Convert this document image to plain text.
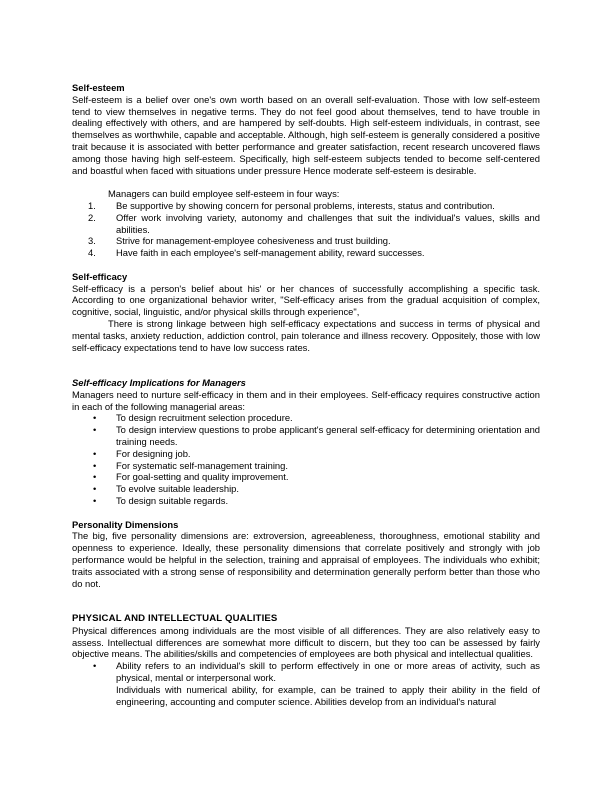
Self-esteem

Self-esteem is a belief over one's own worth based on an overall self-evaluation. Those with low self-esteem tend to view themselves in negative terms. They do not feel good about themselves, tend to have trouble in dealing effectively with others, and are hampered by self-doubts. High self-esteem individuals, in contrast, see themselves as worthwhile, capable and acceptable. Although, high self-esteem is generally considered a positive trait because it is associated with better performance and greater satisfaction, recent research uncovered flaws among those having high self-esteem. Specifically, high self-esteem subjects tended to become self-centered and boastful when faced with situations under pressure Hence moderate self-esteem is desirable.

Managers can build employee self-esteem in four ways:

1.	Be supportive by showing concern for personal problems, interests, status and contribution.
2.	Offer work involving variety, autonomy and challenges that suit the individual's values, skills and abilities.
3.	Strive for management-employee cohesiveness and trust building.
4.	Have faith in each employee's self-management ability, reward successes.
Self-efficacy

Self-efficacy is a person's belief about his' or her chances of successfully accomplishing a specific task. According to one organizational behavior writer, "Self-efficacy arises from the gradual acquisition of complex, cognitive, social, linguistic, and/or physical skills through experience",

There is strong linkage between high self-efficacy expectations and success in terms of physical and mental tasks, anxiety reduction, addiction control, pain tolerance and illness recovery. Oppositely, those with low self-efficacy expectations tend to have low success rates.

Self-efficacy Implications for Managers

Managers need to nurture self-efficacy in them and in their employees. Self-efficacy requires constructive action in each of the following managerial areas:

• To design recruitment selection procedure.
• To design interview questions to probe applicant's general self-efficacy for determining orientation and training needs.
• For designing job.
• For systematic self-management training.
• For goal-setting and quality improvement.
• To evolve suitable leadership.
• To design suitable regards.
Personality Dimensions

The big, five personality dimensions are: extroversion, agreeableness, thoroughness, emotional stability and openness to experience. Ideally, these personality dimensions that correlate positively and strongly with job performance would be helpful in the selection, training and appraisal of employees. The individuals who exhibit; traits associated with a strong sense of responsibility and determination generally perform better than those who do not.

PHYSICAL AND INTELLECTUAL QUALITIES

Physical differences among individuals are the most visible of all differences. They are also relatively easy to assess. Intellectual differences are somewhat more difficult to discern, but they too can be assessed by fairly objective means. The abilities/skills and competencies of employees are both physical and intellectual qualities.

• Ability refers to an individual's skill to perform effectively in one or more areas of activity, such as physical, mental or interpersonal work.
Individuals with numerical ability, for example, can be trained to apply their ability in the field of engineering, accounting and computer science. Abilities develop from an individual's natural
